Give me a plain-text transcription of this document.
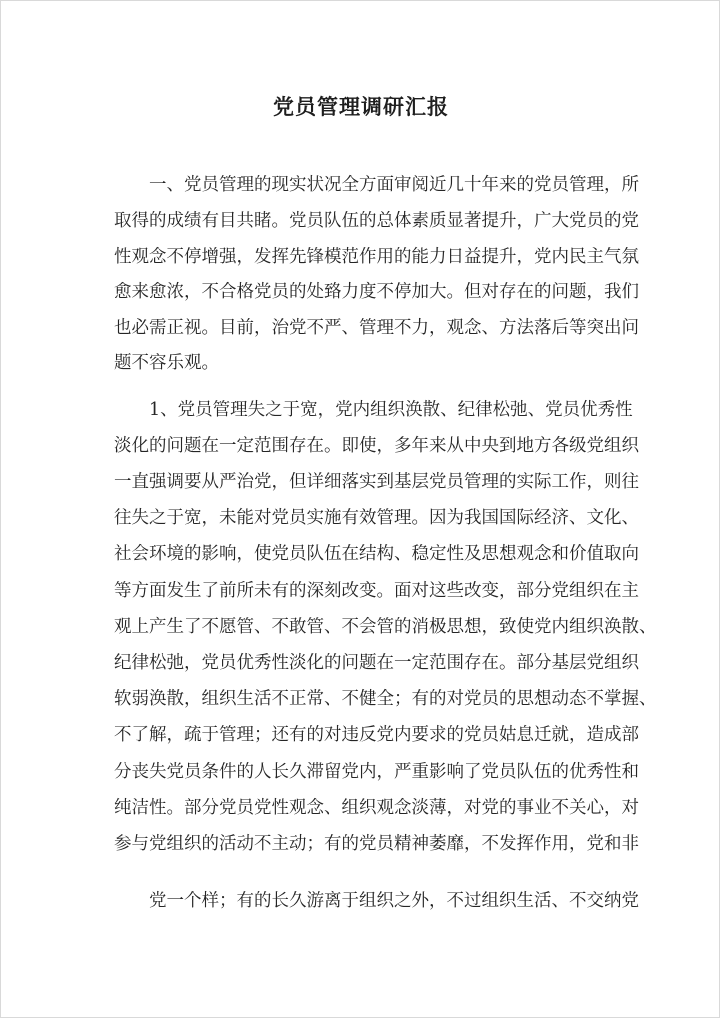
党员管理调研汇报
一、党员管理的现实状况全方面审阅近几十年来的党员管理，所
取得的成绩有目共睹。党员队伍的总体素质显著提升，广大党员的党
性观念不停增强，发挥先锋模范作用的能力日益提升，党内民主气氛
愈来愈浓，不合格党员的处臵力度不停加大。但对存在的问题，我们
也必需正视。目前，治党不严、管理不力，观念、方法落后等突出问
题不容乐观。
1、党员管理失之于宽，党内组织涣散、纪律松弛、党员优秀性
淡化的问题在一定范围存在。即使，多年来从中央到地方各级党组织
一直强调要从严治党，但详细落实到基层党员管理的实际工作，则往
往失之于宽，未能对党员实施有效管理。因为我国国际经济、文化、
社会环境的影响，使党员队伍在结构、稳定性及思想观念和价值取向
等方面发生了前所未有的深刻改变。面对这些改变，部分党组织在主
观上产生了不愿管、不敢管、不会管的消极思想，致使党内组织涣散、
纪律松弛，党员优秀性淡化的问题在一定范围存在。部分基层党组织
软弱涣散，组织生活不正常、不健全；有的对党员的思想动态不掌握、
不了解，疏于管理；还有的对违反党内要求的党员姑息迁就，造成部
分丧失党员条件的人长久滞留党内，严重影响了党员队伍的优秀性和
纯洁性。部分党员党性观念、组织观念淡薄，对党的事业不关心，对
参与党组织的活动不主动；有的党员精神萎靡，不发挥作用，党和非
党一个样；有的长久游离于组织之外，不过组织生活、不交纳党
